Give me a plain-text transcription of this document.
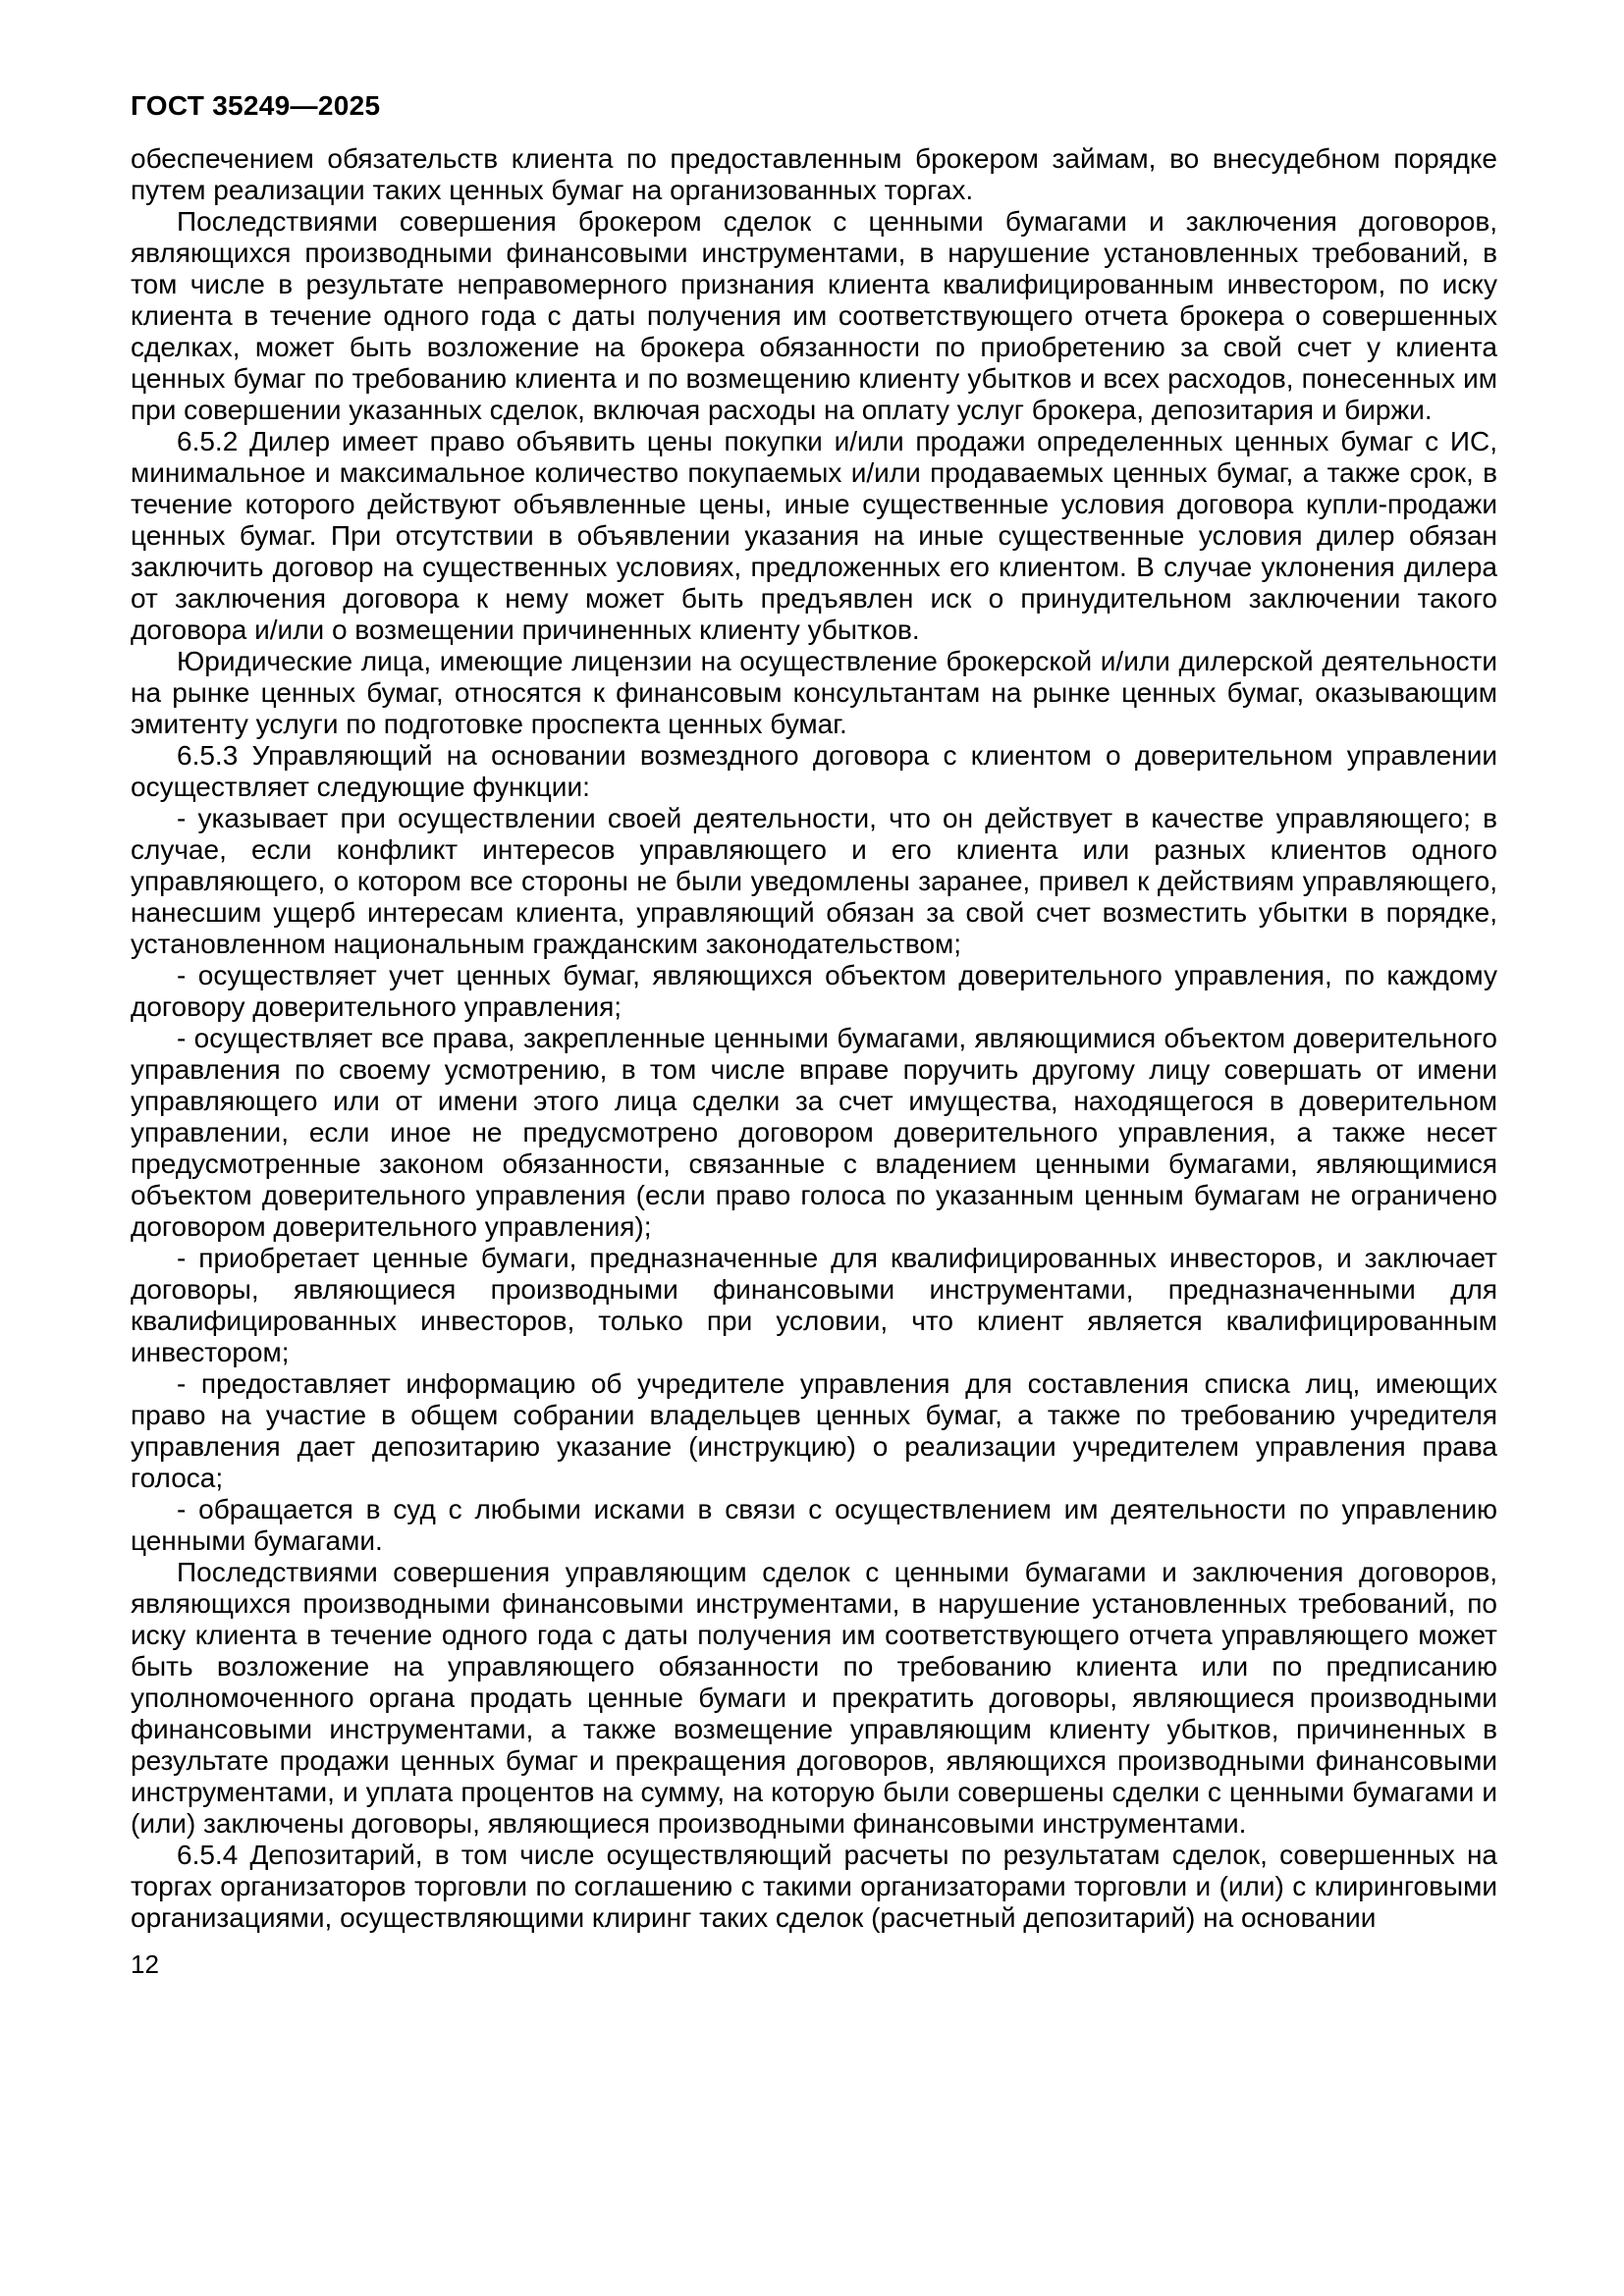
ГОСТ 35249—2025

обеспечением обязательств клиента по предоставленным брокером займам, во внесудебном порядке путем реализации таких ценных бумаг на организованных торгах.

Последствиями совершения брокером сделок с ценными бумагами и заключения договоров, являющихся производными финансовыми инструментами, в нарушение установленных требований, в том числе в результате неправомерного признания клиента квалифицированным инвестором, по иску клиента в течение одного года с даты получения им соответствующего отчета брокера о совершенных сделках, может быть возложение на брокера обязанности по приобретению за свой счет у клиента ценных бумаг по требованию клиента и по возмещению клиенту убытков и всех расходов, понесенных им при совершении указанных сделок, включая расходы на оплату услуг брокера, депозитария и биржи.

6.5.2 Дилер имеет право объявить цены покупки и/или продажи определенных ценных бумаг с ИС, минимальное и максимальное количество покупаемых и/или продаваемых ценных бумаг, а также срок, в течение которого действуют объявленные цены, иные существенные условия договора купли-продажи ценных бумаг. При отсутствии в объявлении указания на иные существенные условия дилер обязан заключить договор на существенных условиях, предложенных его клиентом. В случае уклонения дилера от заключения договора к нему может быть предъявлен иск о принудительном заключении такого договора и/или о возмещении причиненных клиенту убытков.

Юридические лица, имеющие лицензии на осуществление брокерской и/или дилерской деятельности на рынке ценных бумаг, относятся к финансовым консультантам на рынке ценных бумаг, оказывающим эмитенту услуги по подготовке проспекта ценных бумаг.

6.5.3 Управляющий на основании возмездного договора с клиентом о доверительном управлении осуществляет следующие функции:

- указывает при осуществлении своей деятельности, что он действует в качестве управляющего; в случае, если конфликт интересов управляющего и его клиента или разных клиентов одного управляющего, о котором все стороны не были уведомлены заранее, привел к действиям управляющего, нанесшим ущерб интересам клиента, управляющий обязан за свой счет возместить убытки в порядке, установленном национальным гражданским законодательством;

- осуществляет учет ценных бумаг, являющихся объектом доверительного управления, по каждому договору доверительного управления;

- осуществляет все права, закрепленные ценными бумагами, являющимися объектом доверительного управления по своему усмотрению, в том числе вправе поручить другому лицу совершать от имени управляющего или от имени этого лица сделки за счет имущества, находящегося в доверительном управлении, если иное не предусмотрено договором доверительного управления, а также несет предусмотренные законом обязанности, связанные с владением ценными бумагами, являющимися объектом доверительного управления (если право голоса по указанным ценным бумагам не ограничено договором доверительного управления);

- приобретает ценные бумаги, предназначенные для квалифицированных инвесторов, и заключает договоры, являющиеся производными финансовыми инструментами, предназначенными для квалифицированных инвесторов, только при условии, что клиент является квалифицированным инвестором;

- предоставляет информацию об учредителе управления для составления списка лиц, имеющих право на участие в общем собрании владельцев ценных бумаг, а также по требованию учредителя управления дает депозитарию указание (инструкцию) о реализации учредителем управления права голоса;

- обращается в суд с любыми исками в связи с осуществлением им деятельности по управлению ценными бумагами.

Последствиями совершения управляющим сделок с ценными бумагами и заключения договоров, являющихся производными финансовыми инструментами, в нарушение установленных требований, по иску клиента в течение одного года с даты получения им соответствующего отчета управляющего может быть возложение на управляющего обязанности по требованию клиента или по предписанию уполномоченного органа продать ценные бумаги и прекратить договоры, являющиеся производными финансовыми инструментами, а также возмещение управляющим клиенту убытков, причиненных в результате продажи ценных бумаг и прекращения договоров, являющихся производными финансовыми инструментами, и уплата процентов на сумму, на которую были совершены сделки с ценными бумагами и (или) заключены договоры, являющиеся производными финансовыми инструментами.

6.5.4 Депозитарий, в том числе осуществляющий расчеты по результатам сделок, совершенных на торгах организаторов торговли по соглашению с такими организаторами торговли и (или) с клиринговыми организациями, осуществляющими клиринг таких сделок (расчетный депозитарий) на основании

12
